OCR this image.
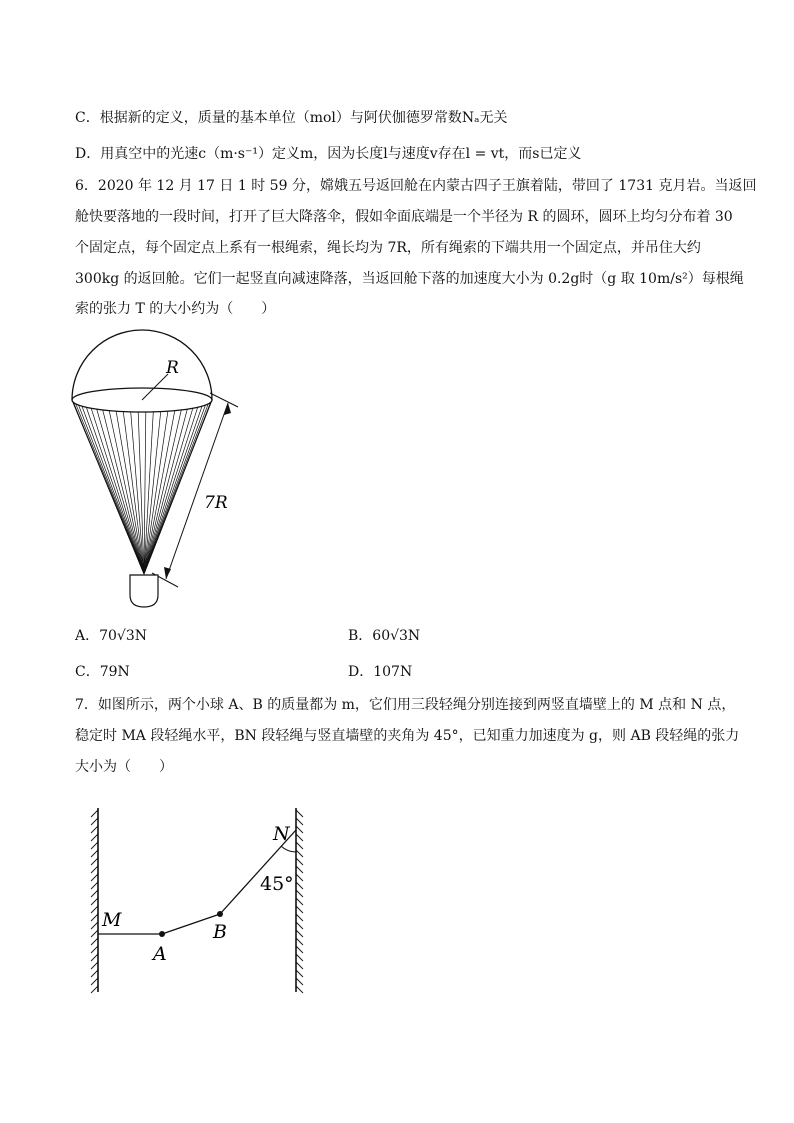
C．根据新的定义，质量的基本单位（mol）与阿伏伽德罗常数Nₐ无关
D．用真空中的光速c（m·s⁻¹）定义m，因为长度l与速度v存在l = vt，而s已定义
6．2020 年 12 月 17 日 1 时 59 分，嫦娥五号返回舱在内蒙古四子王旗着陆，带回了 1731 克月岩。当返回
舱快要落地的一段时间，打开了巨大降落伞，假如伞面底端是一个半径为 R 的圆环，圆环上均匀分布着 30
个固定点，每个固定点上系有一根绳索，绳长均为 7R，所有绳索的下端共用一个固定点，并吊住大约
300kg 的返回舱。它们一起竖直向减速降落，当返回舱下落的加速度大小为 0.2g时（g 取 10m/s²）每根绳
索的张力 T 的大小约为（　　）
R
7R
A．70√3N	B．60√3N
C．79N	D．107N
7．如图所示，两个小球 A、B 的质量都为 m，它们用三段轻绳分别连接到两竖直墙壁上的 M 点和 N 点，
稳定时 MA 段轻绳水平，BN 段轻绳与竖直墙壁的夹角为 45°，已知重力加速度为 g，则 AB 段轻绳的张力
大小为（　　）
M
A
B
N
45°
